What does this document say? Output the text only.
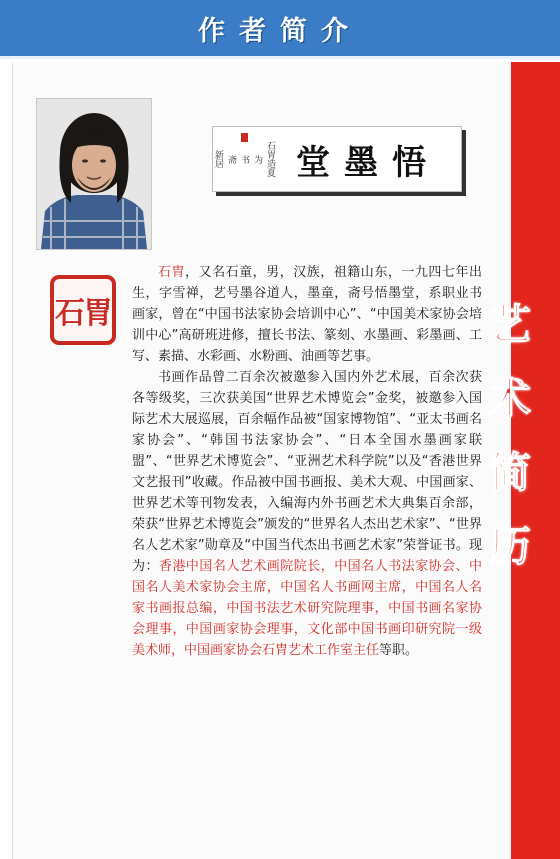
作者简介
艺
术
简
历
石胃造夏
为
书
斋
新居	悟墨堂
石胃

石胄，又名石童，男，汉族，祖籍山东，一九四七年出生，字雪禅，艺号墨谷道人，墨童，斋号悟墨堂，系职业书画家，曾在“中国书法家协会培训中心”、“中国美术家协会培训中心”高研班进修，擅长书法、篆刻、水墨画、彩墨画、工写、素描、水彩画、水粉画、油画等艺事。

书画作品曾二百余次被邀参入国内外艺术展，百余次获各等级奖，三次获美国“世界艺术博览会”金奖，被邀参入国际艺术大展巡展，百余幅作品被“国家博物馆”、“亚太书画名家协会”、“韩国书法家协会”、“日本全国水墨画家联盟”、“世界艺术博览会”、“亚洲艺术科学院”以及“香港世界文艺报刊”收藏。作品被中国书画报、美术大观、中国画家、世界艺术等刊物发表，入编海内外书画艺术大典集百余部，荣获“世界艺术博览会”颁发的“世界名人杰出艺术家”、“世界名人艺术家”勋章及“中国当代杰出书画艺术家”荣誉证书。现为：香港中国名人艺术画院院长，中国名人书法家协会、中国名人美术家协会主席，中国名人书画网主席，中国名人名家书画报总编，中国书法艺术研究院理事，中国书画名家协会理事，中国画家协会理事，文化部中国书画印研究院一级美术师，中国画家协会石胄艺术工作室主任等职。
